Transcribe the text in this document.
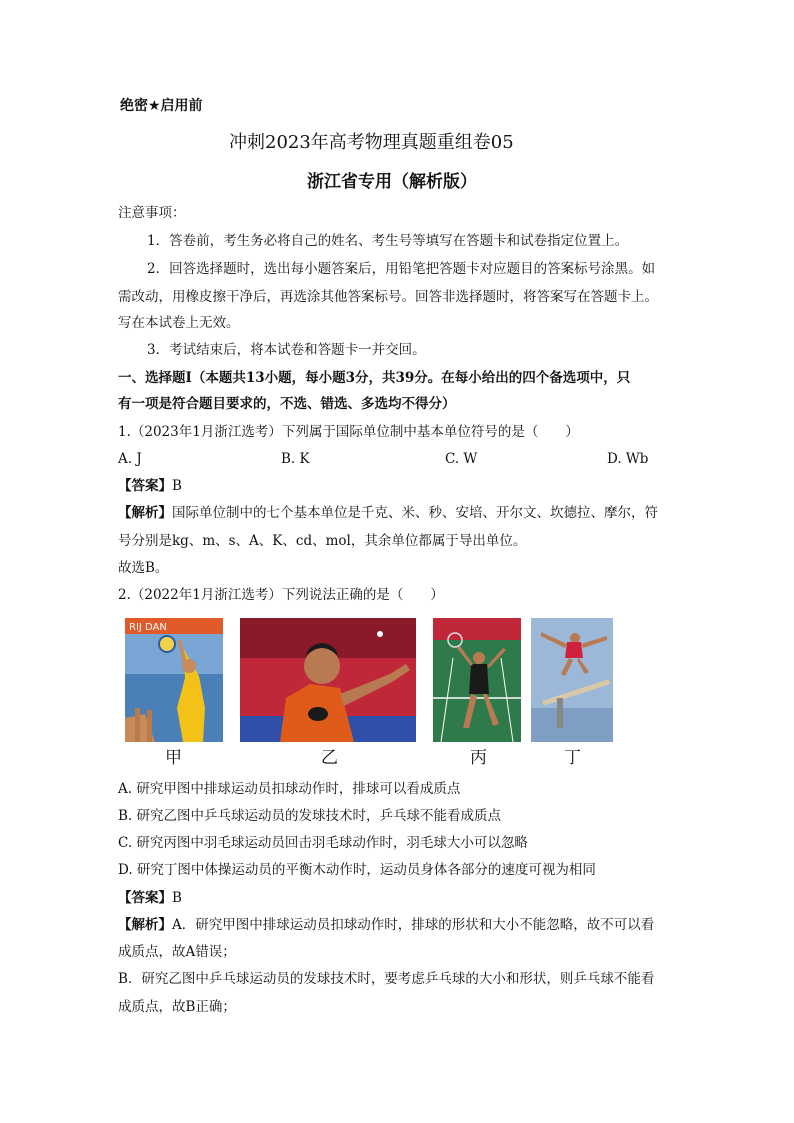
绝密★启用前
冲刺2023年高考物理真题重组卷05
浙江省专用（解析版）
注意事项：
1．答卷前，考生务必将自己的姓名、考生号等填写在答题卡和试卷指定位置上。
2．回答选择题时，选出每小题答案后，用铅笔把答题卡对应题目的答案标号涂黑。如
需改动，用橡皮擦干净后，再选涂其他答案标号。回答非选择题时，将答案写在答题卡上。
写在本试卷上无效。
3．考试结束后，将本试卷和答题卡一并交回。
一、选择题Ⅰ（本题共13小题，每小题3分，共39分。在每小给出的四个备选项中，只
有一项是符合题目要求的，不选、错选、多选均不得分）
1.（2023年1月浙江选考）下列属于国际单位制中基本单位符号的是（　　）
A. J	B. K	C. W	D. Wb
【答案】B
【解析】国际单位制中的七个基本单位是千克、米、秒、安培、开尔文、坎德拉、摩尔，符
号分别是kg、m、s、A、K、cd、mol，其余单位都属于导出单位。
故选B。
2.（2022年1月浙江选考）下列说法正确的是（　　）
RIJ DAN
甲	乙	丙	丁
A. 研究甲图中排球运动员扣球动作时，排球可以看成质点
B. 研究乙图中乒乓球运动员的发球技术时，乒乓球不能看成质点
C. 研究丙图中羽毛球运动员回击羽毛球动作时，羽毛球大小可以忽略
D. 研究丁图中体操运动员的平衡木动作时，运动员身体各部分的速度可视为相同
【答案】B
【解析】A．研究甲图中排球运动员扣球动作时，排球的形状和大小不能忽略，故不可以看
成质点，故A错误；
B．研究乙图中乒乓球运动员的发球技术时，要考虑乒乓球的大小和形状，则乒乓球不能看
成质点，故B正确；
